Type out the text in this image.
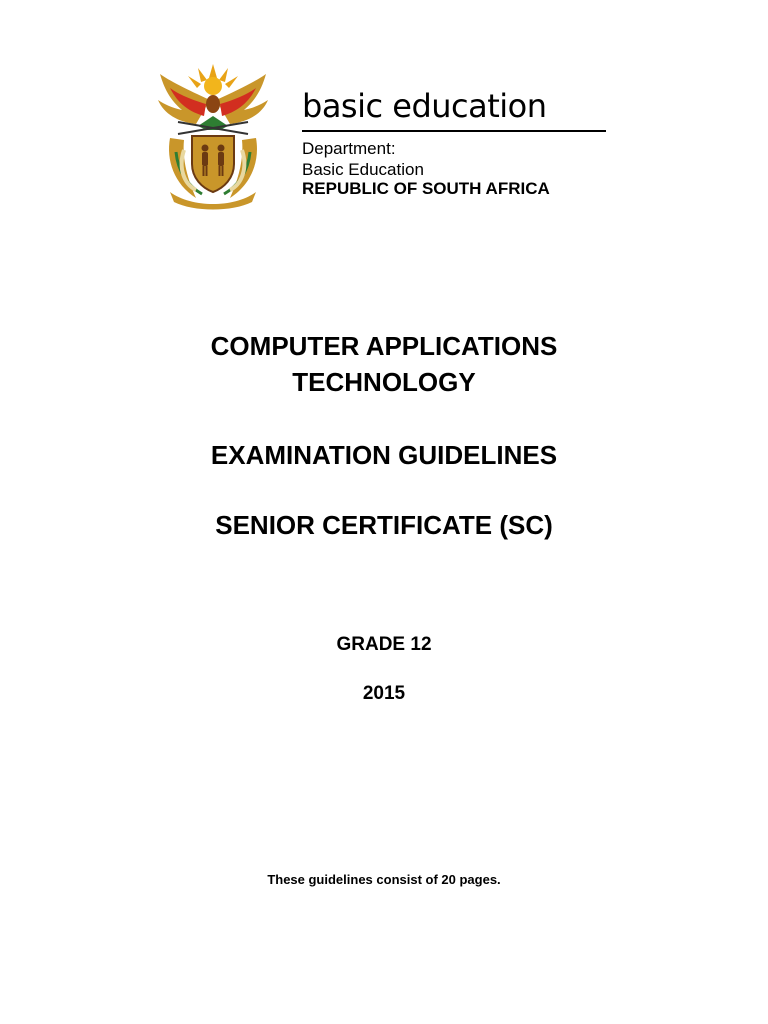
basic education
Department:
Basic Education
REPUBLIC OF SOUTH AFRICA
COMPUTER APPLICATIONS
TECHNOLOGY
EXAMINATION GUIDELINES
SENIOR CERTIFICATE (SC)
GRADE 12
2015
These guidelines consist of 20 pages.
